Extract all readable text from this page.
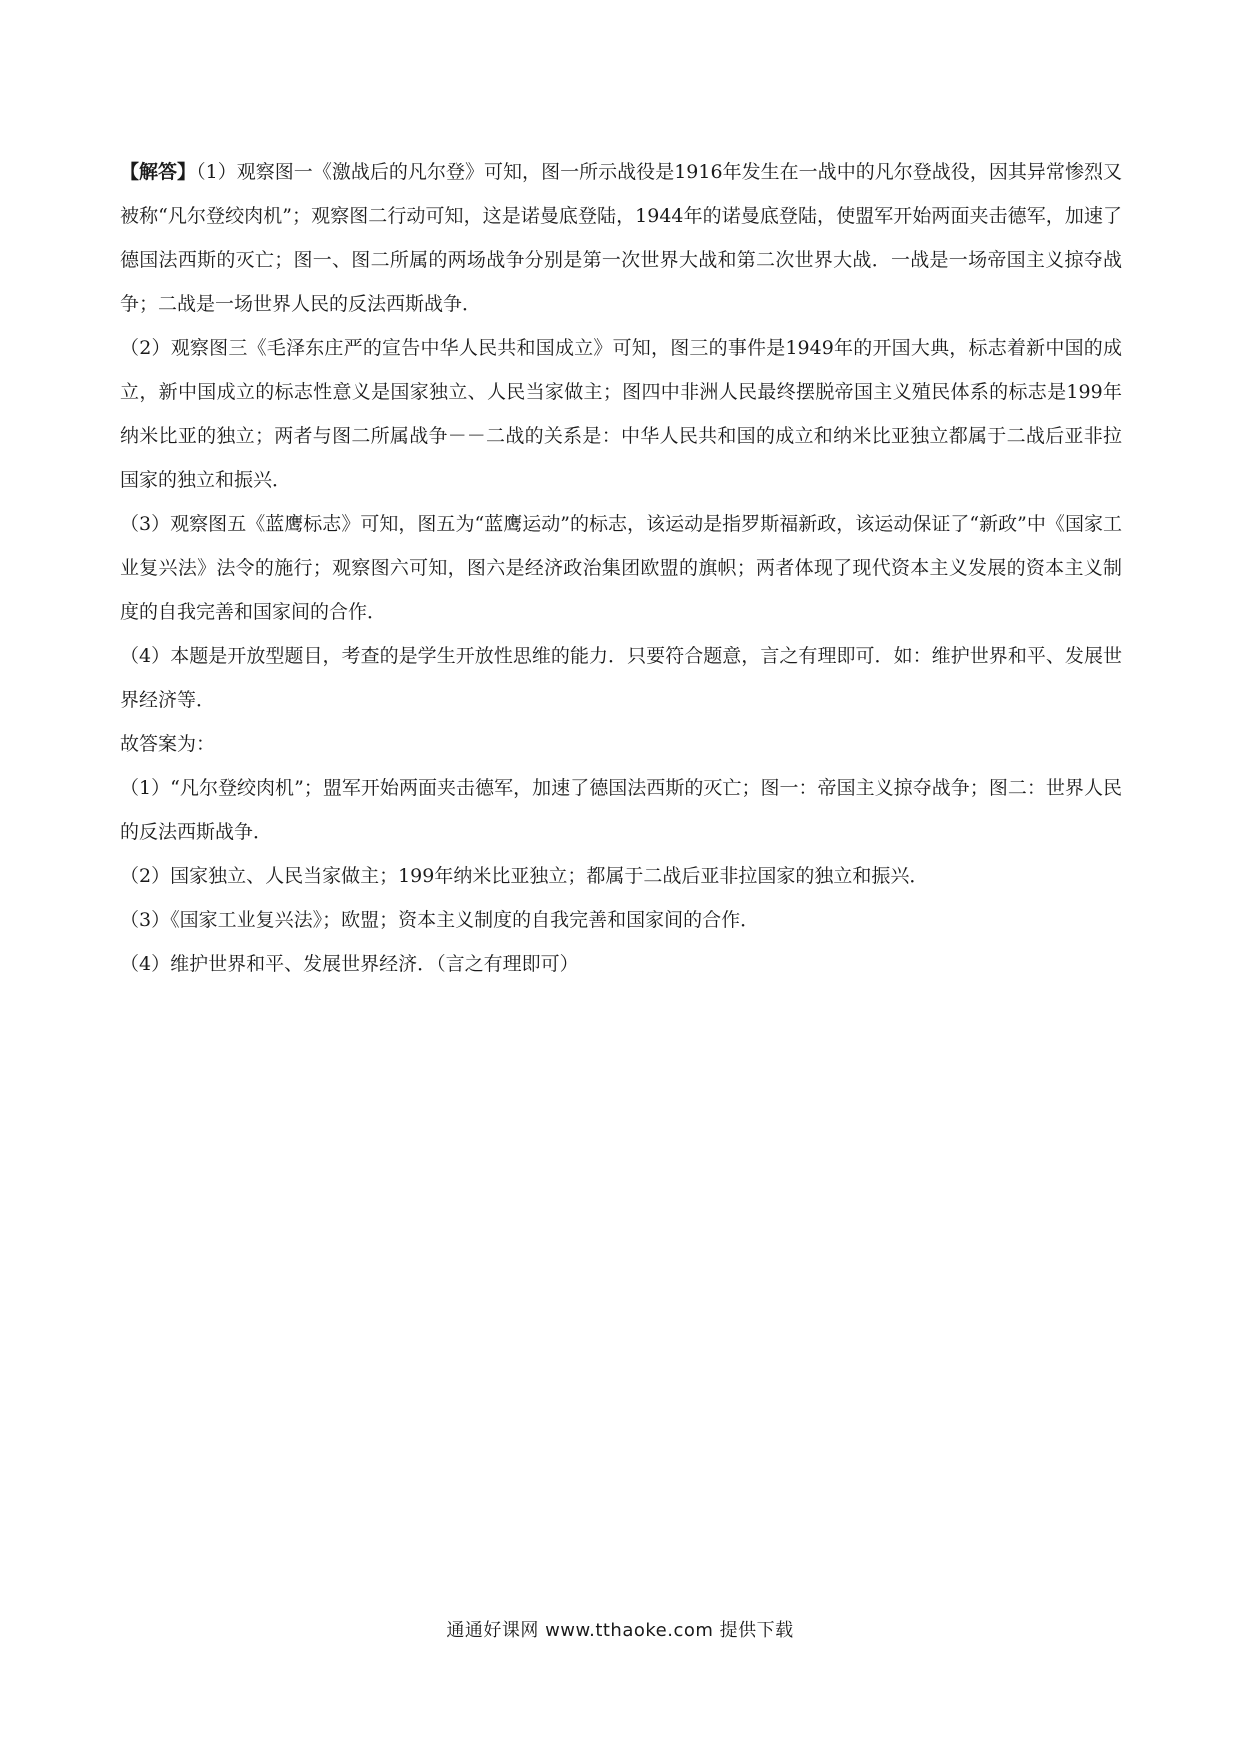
【解答】（1）观察图一《激战后的凡尔登》可知，图一所示战役是1916年发生在一战中的凡尔登战役，因其异常惨烈又被称“凡尔登绞肉机”；观察图二行动可知，这是诺曼底登陆，1944年的诺曼底登陆，使盟军开始两面夹击德军，加速了德国法西斯的灭亡；图一、图二所属的两场战争分别是第一次世界大战和第二次世界大战．一战是一场帝国主义掠夺战争；二战是一场世界人民的反法西斯战争．

（2）观察图三《毛泽东庄严的宣告中华人民共和国成立》可知，图三的事件是1949年的开国大典，标志着新中国的成立，新中国成立的标志性意义是国家独立、人民当家做主；图四中非洲人民最终摆脱帝国主义殖民体系的标志是199年纳米比亚的独立；两者与图二所属战争－－二战的关系是：中华人民共和国的成立和纳米比亚独立都属于二战后亚非拉国家的独立和振兴．

（3）观察图五《蓝鹰标志》可知，图五为“蓝鹰运动”的标志，该运动是指罗斯福新政，该运动保证了“新政”中《国家工业复兴法》法令的施行；观察图六可知，图六是经济政治集团欧盟的旗帜；两者体现了现代资本主义发展的资本主义制度的自我完善和国家间的合作．

（4）本题是开放型题目，考查的是学生开放性思维的能力．只要符合题意，言之有理即可．如：维护世界和平、发展世界经济等．

故答案为：

（1）“凡尔登绞肉机”；盟军开始两面夹击德军，加速了德国法西斯的灭亡；图一：帝国主义掠夺战争；图二：世界人民的反法西斯战争．

（2）国家独立、人民当家做主；199年纳米比亚独立；都属于二战后亚非拉国家的独立和振兴．

（3）《国家工业复兴法》；欧盟；资本主义制度的自我完善和国家间的合作．

（4）维护世界和平、发展世界经济．（言之有理即可）

通通好课网 www.tthaoke.com 提供下载
